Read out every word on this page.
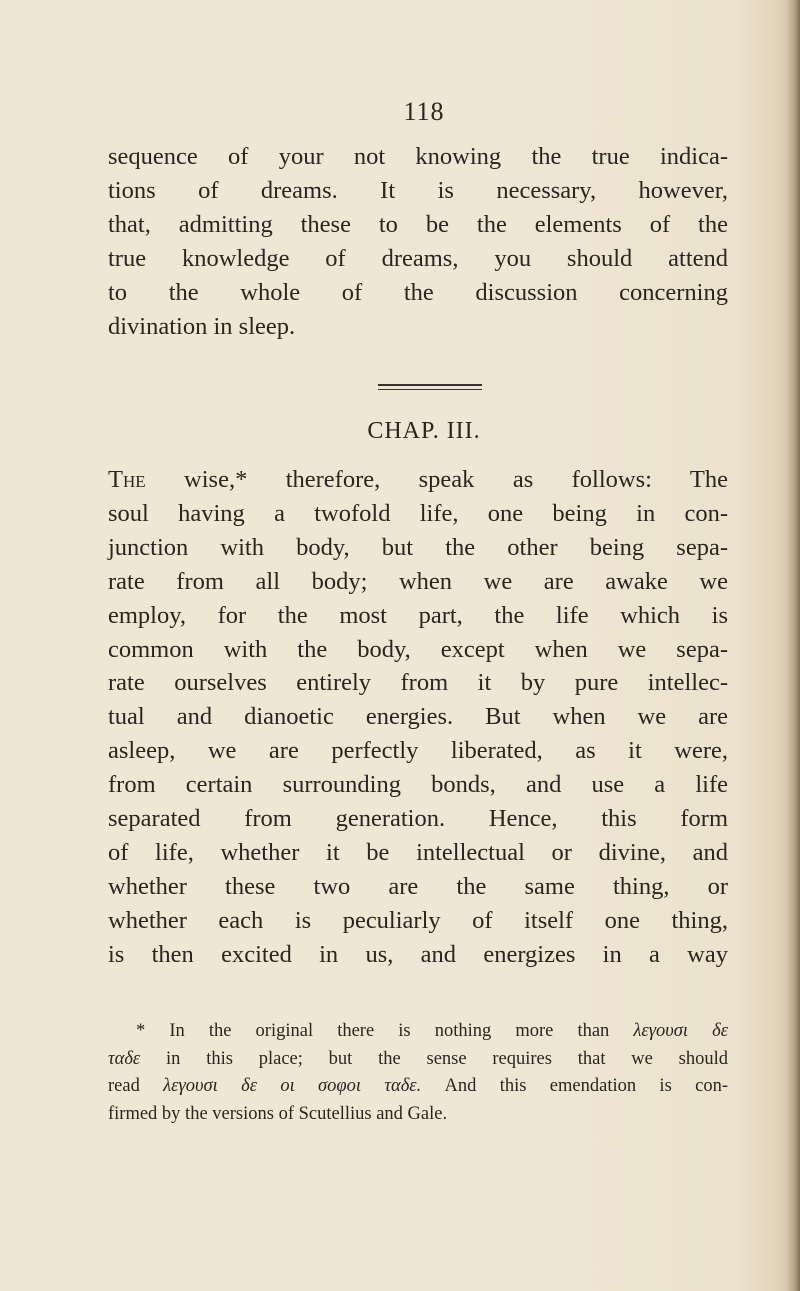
118
sequence of your not knowing the true indica-
tions of dreams. It is necessary, however,
that, admitting these to be the elements of the
true knowledge of dreams, you should attend
to the whole of the discussion concerning
divination in sleep.
CHAP. III.
The wise,* therefore, speak as follows: The
soul having a twofold life, one being in con-
junction with body, but the other being sepa-
rate from all body; when we are awake we
employ, for the most part, the life which is
common with the body, except when we sepa-
rate ourselves entirely from it by pure intellec-
tual and dianoetic energies. But when we are
asleep, we are perfectly liberated, as it were,
from certain surrounding bonds, and use a life
separated from generation. Hence, this form
of life, whether it be intellectual or divine, and
whether these two are the same thing, or
whether each is peculiarly of itself one thing,
is then excited in us, and energizes in a way
* In the original there is nothing more than λεγουσι δε
ταδε in this place; but the sense requires that we should
read λεγουσι δε οι σοφοι ταδε. And this emendation is con-
firmed by the versions of Scutellius and Gale.
